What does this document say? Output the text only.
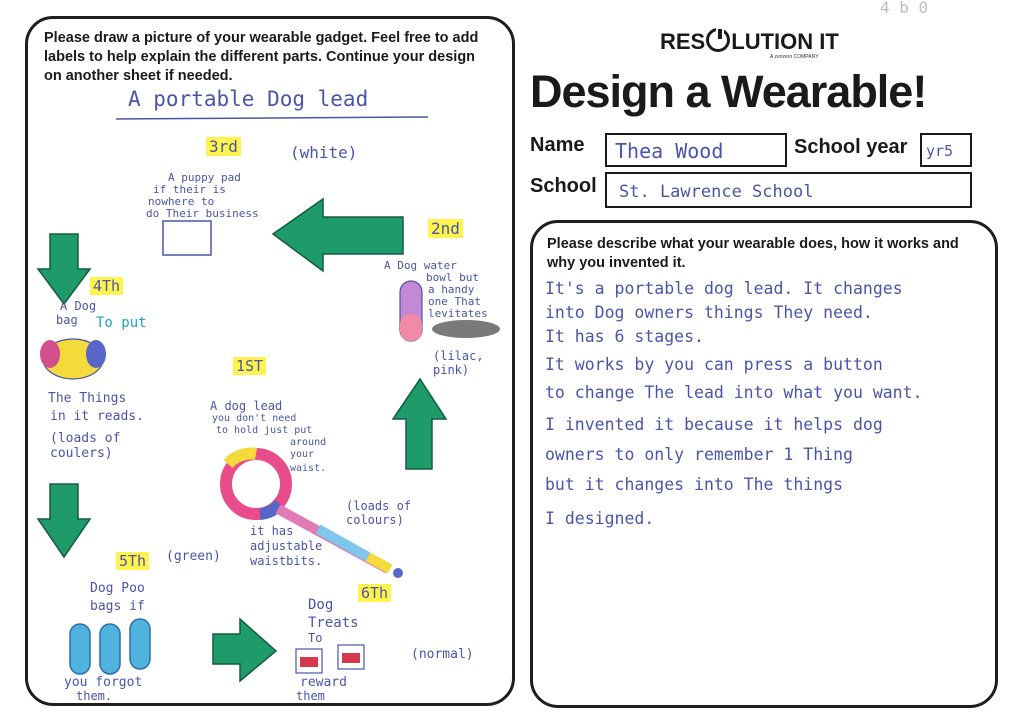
4 b 0
Please draw a picture of your wearable gadget. Feel free to add labels to help explain the different parts. Continue your design on another sheet if needed.
A portable Dog lead
3rd	(white)
A puppy pad
if their is
nowhere to
do Their business
2nd
A Dog water
bowl but
a handy
one That
levitates
(lilac, pink)
4Th
A Dog
bag To put
The Things
in it reads.
(loads of coulers)
1ST
A dog lead
you don't need
to hold just put
around
your
waist.
(loads of colours)
it has
adjustable
waistbits.
5Th (green)
Dog Poo
bags if
you forgot
them.
6Th
Dog
Treats
To
reward
them
(normal)
RES LUTION IT
A zenzero COMPANY
Design a Wearable!
Name Thea Wood	School year yr5
School St. Lawrence School
Please describe what your wearable does, how it works and why you invented it.
It's a portable dog lead. It changes
into Dog owners things They need.
It has 6 stages.
It works by you can press a button
to change The lead into what you want.
I invented it because it helps dog
owners to only remember 1 Thing
but it changes into The things
I designed.
